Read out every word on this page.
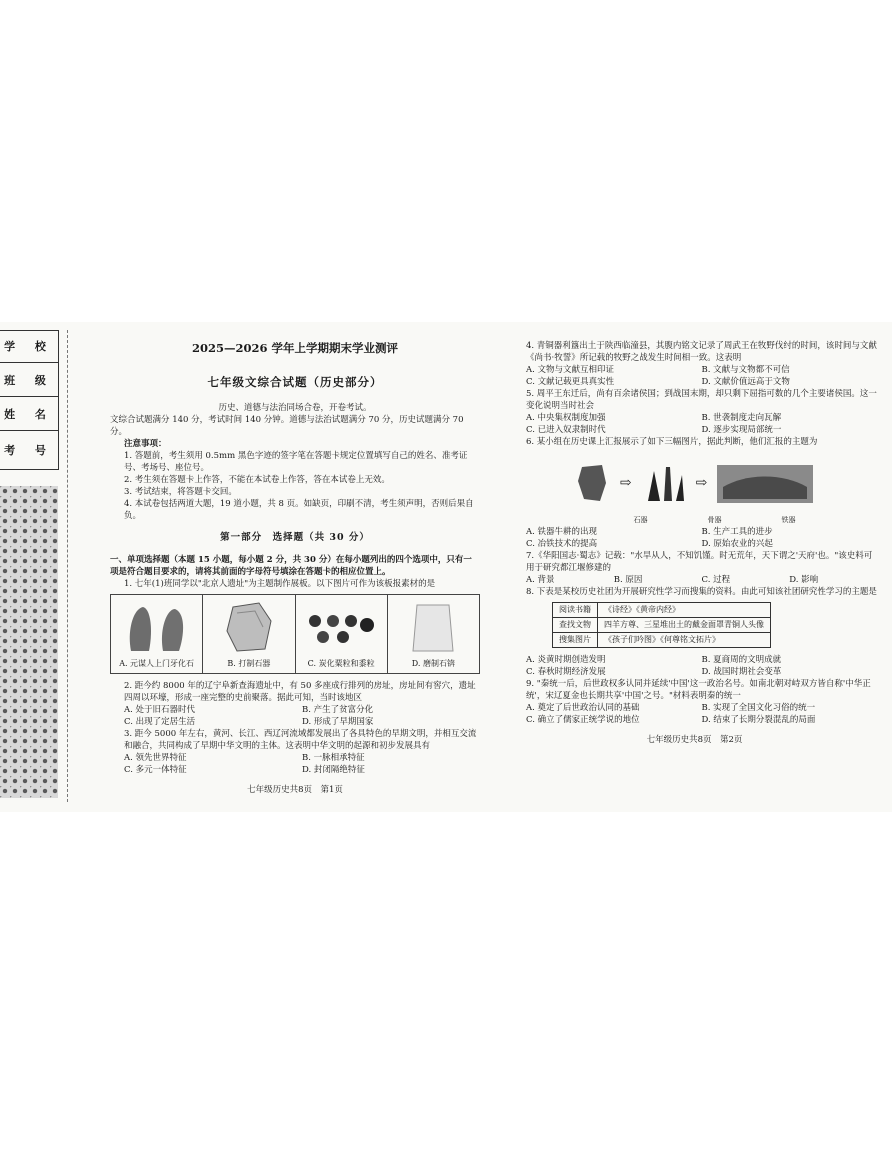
学 校
班 级
姓 名
考 号
2025—2026 学年上学期期末学业测评
七年级文综合试题（历史部分）

历史、道德与法治同场合卷，开卷考试。

文综合试题满分 140 分，考试时间 140 分钟。道德与法治试题满分 70 分，历史试题满分 70 分。

注意事项：

1. 答题前，考生须用 0.5mm 黑色字迹的签字笔在答题卡规定位置填写自己的姓名、准考证号、考场号、座位号。

2. 考生须在答题卡上作答，不能在本试卷上作答，答在本试卷上无效。

3. 考试结束，将答题卡交回。

4. 本试卷包括两道大题，19 道小题，共 8 页。如缺页，印刷不清，考生须声明，否则后果自负。

第一部分　选择题（共 30 分）

一、单项选择题（本题 15 小题，每小题 2 分，共 30 分）在每小题列出的四个选项中，只有一项是符合题目要求的，请将其前面的字母符号填涂在答题卡的相应位置上。

1. 七年(1)班同学以"北京人遗址"为主题制作展板。以下图片可作为该板报素材的是

A. 元谋人上门牙化石	B. 打制石器	C. 炭化粟粒和黍粒	D. 磨制石锛

2. 距今约 8000 年的辽宁阜新查海遗址中，有 50 多座成行排列的房址，房址间有窖穴，遗址四周以环壕，形成一座完整的史前聚落。据此可知，当时该地区

A. 处于旧石器时代	B. 产生了贫富分化
C. 出现了定居生活	D. 形成了早期国家

3. 距今 5000 年左右，黄河、长江、西辽河流域都发展出了各具特色的早期文明，并相互交流和融合，共同构成了早期中华文明的主体。这表明中华文明的起源和初步发展具有

A. 领先世界特征	B. 一脉相承特征
C. 多元一体特征	D. 封闭隔绝特征
七年级历史共8页　第1页

4. 青铜器利簋出土于陕西临潼县，其腹内铭文记录了周武王在牧野伐纣的时间，该时间与文献《尚书·牧誓》所记载的牧野之战发生时间相一致。这表明

A. 文物与文献互相印证	B. 文献与文物都不可信
C. 文献记载更具真实性	D. 文献价值远高于文物

5. 周平王东迁后，尚有百余诸侯国；到战国末期，却只剩下屈指可数的几个主要诸侯国。这一变化说明当时社会

A. 中央集权制度加强	B. 世袭制度走向瓦解
C. 已进入奴隶制时代	D. 逐步实现局部统一

6. 某小组在历史课上汇报展示了如下三幅图片，据此判断，他们汇报的主题为

⇨	⇨
石器	骨器	铁器
A. 铁器牛耕的出现	B. 生产工具的进步
C. 冶铁技术的提高	D. 原始农业的兴起

7.《华阳国志·蜀志》记载："水旱从人，不知饥馑。时无荒年，天下谓之'天府'也。"该史料可用于研究都江堰修建的

A. 背景	B. 原因	C. 过程	D. 影响

8. 下表是某校历史社团为开展研究性学习而搜集的资料。由此可知该社团研究性学习的主题是

阅读书籍	《诗经》《黄帝内经》
查找文物	四羊方尊、三星堆出土的戴金面罩青铜人头像
搜集图片	《孩子们吟图》《何尊铭文拓片》
A. 炎黄时期创造发明	B. 夏商周的文明成就
C. 春秋时期经济发展	D. 战国时期社会变革

9. "秦统一后，后世政权多认同并延续'中国'这一政治名号。如南北朝对峙双方皆自称'中华正统'，宋辽夏金也长期共享'中国'之号。"材料表明秦的统一

A. 奠定了后世政治认同的基础	B. 实现了全国文化习俗的统一
C. 确立了儒家正统学说的地位	D. 结束了长期分裂混乱的局面
七年级历史共8页　第2页
